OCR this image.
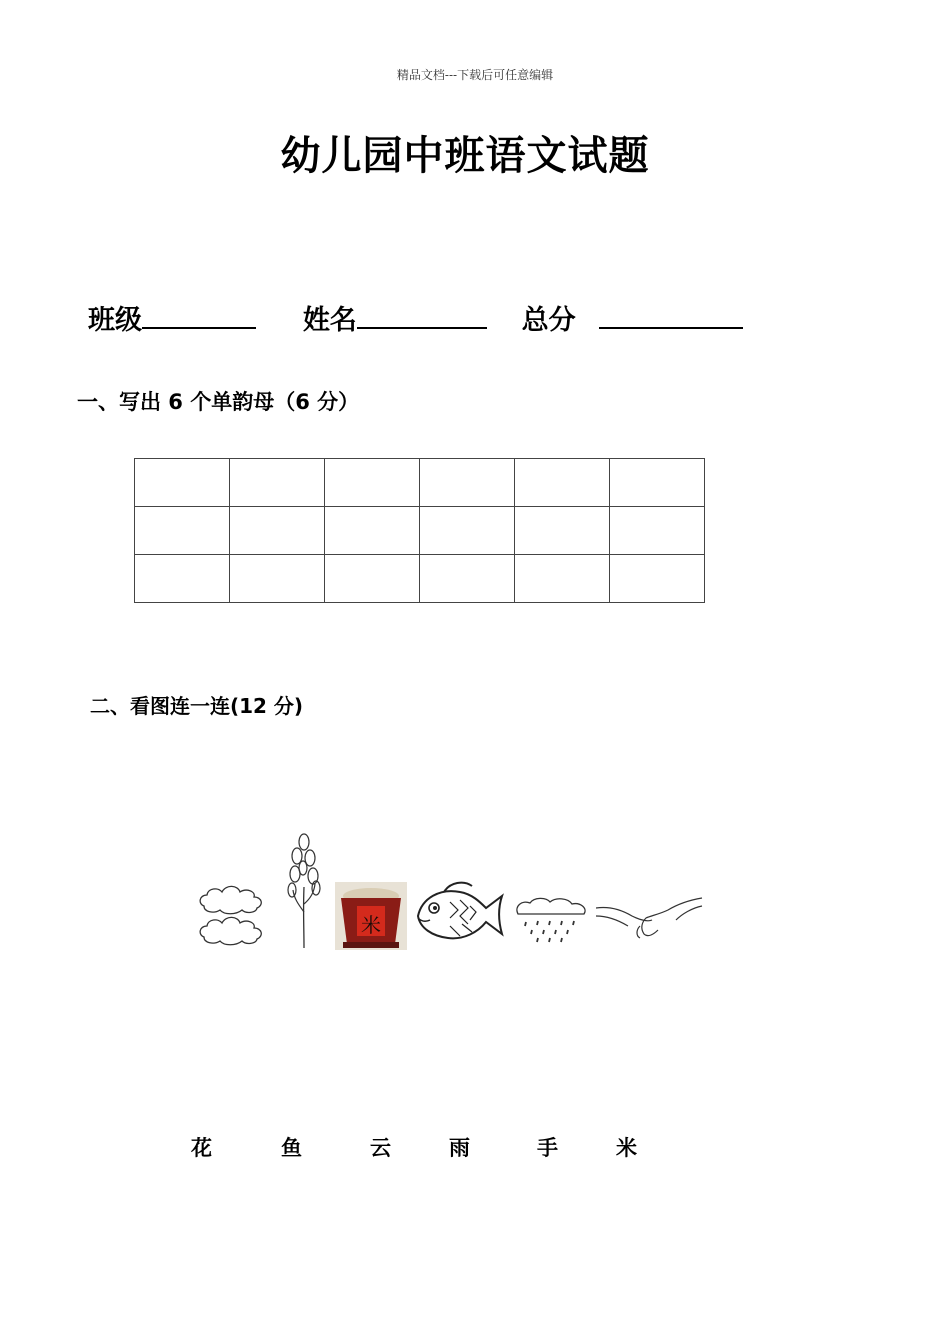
精品文档---下载后可任意编辑
幼儿园中班语文试题
班级	姓名	总分
一、写出 6 个单韵母（6 分）

二、看图连一连(12 分)
米
花	鱼	云	雨	手	米
